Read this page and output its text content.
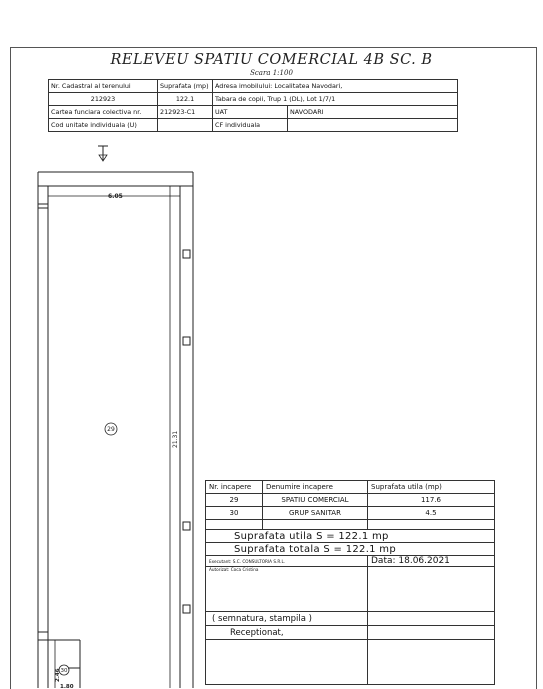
RELEVEU SPATIU COMERCIAL 4B SC. B
Scara 1:100
Nr. Cadastral al terenului	Suprafata (mp)	Adresa imobilului: Localitatea Navodari,	
212923	122.1	Tabara de copii, Trup 1 (DL), Lot 1/7/1	
Cartea funciara colectiva nr.	212923-C1	UAT	NAVODARI
Cod unitate individuala (U)		CF individuala	
6.05
21.31
29
30
2.46
1.80
Nr. incapere	Denumire incapere	Suprafata utila (mp)
29	SPATIU COMERCIAL	117.6
30	GRUP SANITAR	4.5

Suprafata utila S = 122.1 mp		
Suprafata totala S = 122.1 mp		
Executant: S.C. CONSULTORIA S.R.L.		Data: 18.06.2021
Autorizat: Coca Cristina		
( semnatura, stampila )		
Receptionat,		
